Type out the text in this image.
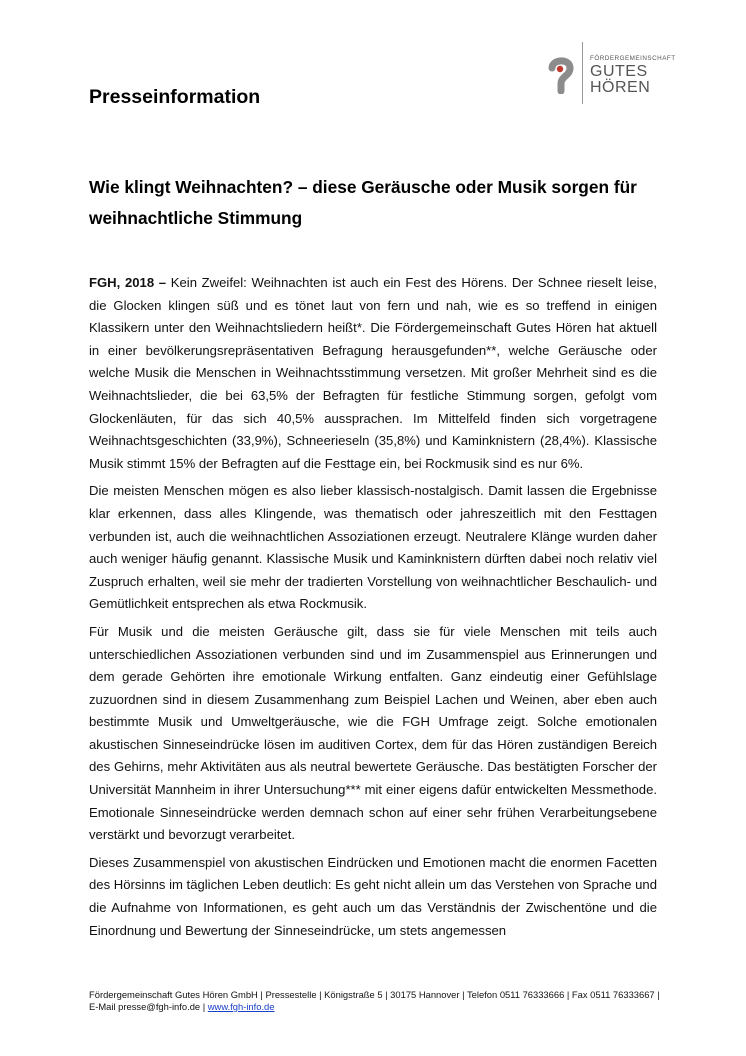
FÖRDERGEMEINSCHAFT
GUTES
HÖREN
Presseinformation
Wie klingt Weihnachten? – diese Geräusche oder Musik sorgen für weihnachtliche Stimmung

FGH, 2018 – Kein Zweifel: Weihnachten ist auch ein Fest des Hörens. Der Schnee rieselt leise, die Glocken klingen süß und es tönet laut von fern und nah, wie es so treffend in einigen Klassikern unter den Weihnachtsliedern heißt*. Die Fördergemeinschaft Gutes Hören hat aktuell in einer bevölkerungsrepräsentativen Befragung herausgefunden**, welche Geräusche oder welche Musik die Menschen in Weihnachtsstimmung versetzen. Mit großer Mehrheit sind es die Weihnachtslieder, die bei 63,5% der Befragten für festliche Stimmung sorgen, gefolgt vom Glockenläuten, für das sich 40,5% aussprachen. Im Mittelfeld finden sich vorgetragene Weihnachtsgeschichten (33,9%), Schneerieseln (35,8%) und Kaminknistern (28,4%). Klassische Musik stimmt 15% der Befragten auf die Festtage ein, bei Rockmusik sind es nur 6%.

Die meisten Menschen mögen es also lieber klassisch-nostalgisch. Damit lassen die Ergebnisse klar erkennen, dass alles Klingende, was thematisch oder jahreszeitlich mit den Festtagen verbunden ist, auch die weihnachtlichen Assoziationen erzeugt. Neutralere Klänge wurden daher auch weniger häufig genannt. Klassische Musik und Kaminknistern dürften dabei noch relativ viel Zuspruch erhalten, weil sie mehr der tradierten Vorstellung von weihnachtlicher Beschaulich- und Gemütlichkeit entsprechen als etwa Rockmusik.

Für Musik und die meisten Geräusche gilt, dass sie für viele Menschen mit teils auch unterschiedlichen Assoziationen verbunden sind und im Zusammenspiel aus Erinnerungen und dem gerade Gehörten ihre emotionale Wirkung entfalten. Ganz eindeutig einer Gefühlslage zuzuordnen sind in diesem Zusammenhang zum Beispiel Lachen und Weinen, aber eben auch bestimmte Musik und Umweltgeräusche, wie die FGH Umfrage zeigt. Solche emotionalen akustischen Sinneseindrücke lösen im auditiven Cortex, dem für das Hören zuständigen Bereich des Gehirns, mehr Aktivitäten aus als neutral bewertete Geräusche. Das bestätigten Forscher der Universität Mannheim in ihrer Untersuchung*** mit einer eigens dafür entwickelten Messmethode. Emotionale Sinneseindrücke werden demnach schon auf einer sehr frühen Verarbeitungsebene verstärkt und bevorzugt verarbeitet.

Dieses Zusammenspiel von akustischen Eindrücken und Emotionen macht die enormen Facetten des Hörsinns im täglichen Leben deutlich: Es geht nicht allein um das Verstehen von Sprache und die Aufnahme von Informationen, es geht auch um das Verständnis der Zwischentöne und die Einordnung und Bewertung der Sinneseindrücke, um stets angemessen

Fördergemeinschaft Gutes Hören GmbH | Pressestelle | Königstraße 5 | 30175 Hannover | Telefon 0511 76333666 | Fax 0511 76333667 | E-Mail presse@fgh-info.de | www.fgh-info.de
